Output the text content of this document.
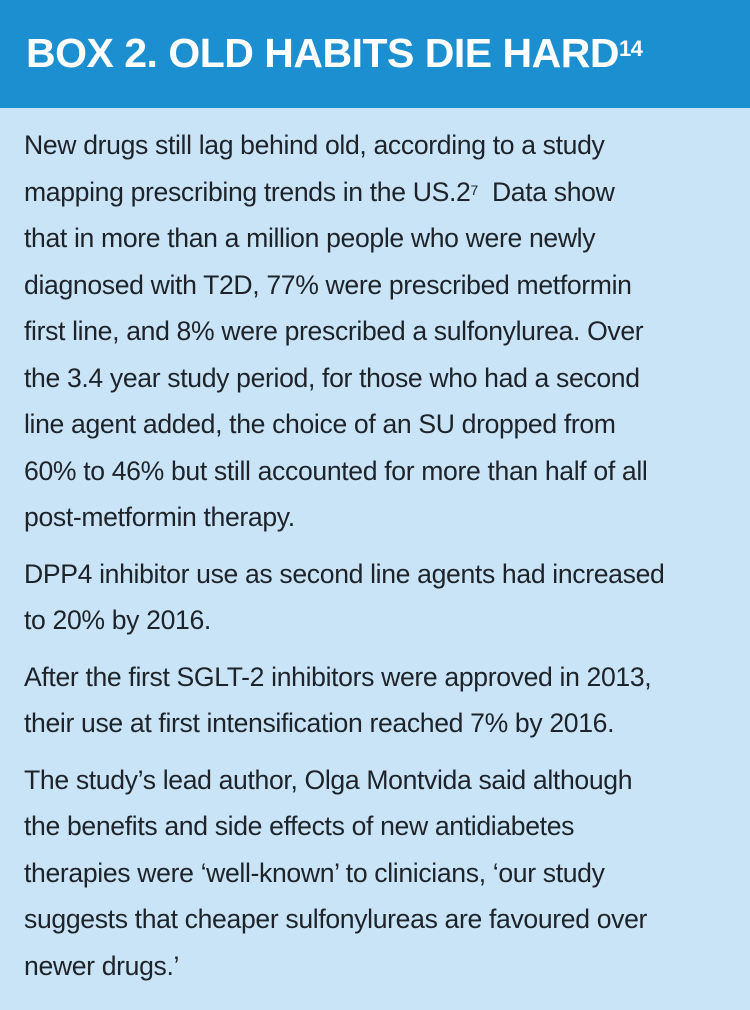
BOX 2. OLD HABITS DIE HARD$^{14}$

New drugs still lag behind old, according to a study
mapping prescribing trends in the $US.2^7$  Data show
that in more than a million people who were newly
diagnosed with T2D, 77% were prescribed metformin
first line, and 8% were prescribed a sulfonylurea. Over
the 3.4 year study period, for those who had a second
line agent added, the choice of an SU dropped from
60% to 46% but still accounted for more than half of all
post-metformin therapy.

DPP4 inhibitor use as second line agents had increased
to 20% by 2016.

After the first SGLT-2 inhibitors were approved in 2013,
their use at first intensification reached 7% by 2016.

The study’s lead author, Olga Montvida said although
the benefits and side effects of new antidiabetes
therapies were ‘well-known’ to clinicians, ‘our study
suggests that cheaper sulfonylureas are favoured over
newer drugs.’
